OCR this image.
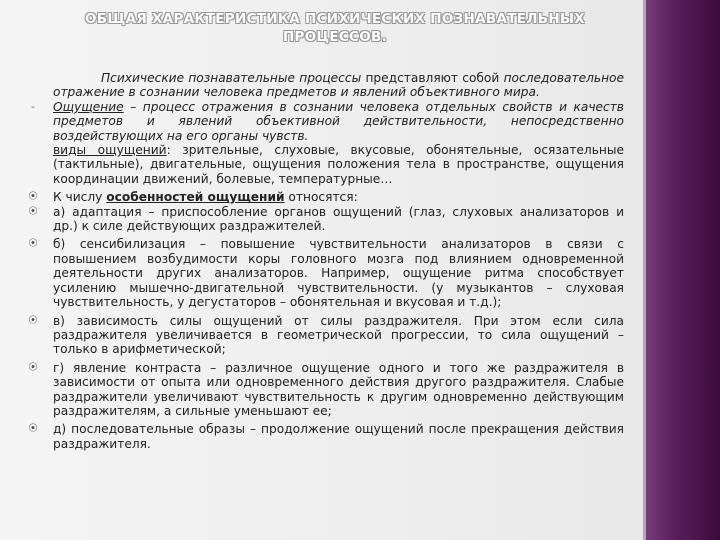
ОБЩАЯ ХАРАКТЕРИСТИКА ПСИХИЧЕСКИХ ПОЗНАВАТЕЛЬНЫХ
ПРОЦЕССОВ.
Психические познавательные процессы представляют собой последовательное отражение в сознании человека предметов и явлений объективного мира.
- Ощущение – процесс отражения в сознании человека отдельных свойств и качеств предметов и явлений объективной действительности, непосредственно воздействующих на его органы чувств.
виды ощущений: зрительные, слуховые, вкусовые, обонятельные, осязательные (тактильные), двигательные, ощущения положения тела в пространстве, ощущения координации движений, болевые, температурные…
⦿ К числу особенностей ощущений относятся:
⦿ а) адаптация – приспособление органов ощущений (глаз, слуховых анализаторов и др.) к силе действующих раздражителей.
⦿ б) сенсибилизация – повышение чувствительности анализаторов в связи с повышением возбудимости коры головного мозга под влиянием одновременной деятельности других анализаторов. Например, ощущение ритма способствует усилению мышечно-двигательной чувствительности. (у музыкантов – слуховая чувствительность, у дегустаторов – обонятельная и вкусовая и т.д.);
⦿ в) зависимость силы ощущений от силы раздражителя. При этом если сила раздражителя увеличивается в геометрической прогрессии, то сила ощущений – только в арифметической;
⦿ г) явление контраста – различное ощущение одного и того же раздражителя в зависимости от опыта или одновременного действия другого раздражителя. Слабые раздражители увеличивают чувствительность к другим одновременно действующим раздражителям, а сильные уменьшают ее;
⦿ д) последовательные образы – продолжение ощущений после прекращения действия раздражителя.
